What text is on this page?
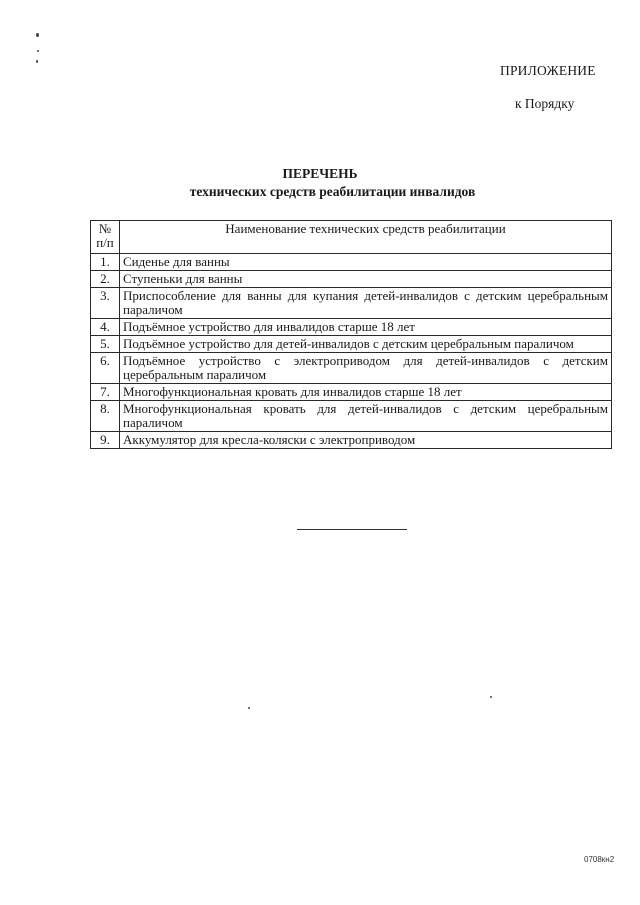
ПРИЛОЖЕНИЕ
к Порядку
ПЕРЕЧЕНЬ
технических средств реабилитации инвалидов
№ п/п	Наименование технических средств реабилитации
1.	Сиденье для ванны
2.	Ступеньки для ванны
3.	Приспособление для ванны для купания детей-инвалидов с детским церебральным параличом
4.	Подъёмное устройство для инвалидов старше 18 лет
5.	Подъёмное устройство для детей-инвалидов с детским церебральным параличом
6.	Подъёмное устройство с электроприводом для детей-инвалидов с детским церебральным параличом
7.	Многофункциональная кровать для инвалидов старше 18 лет
8.	Многофункциональная кровать для детей-инвалидов с детским церебральным параличом
9.	Аккумулятор для кресла-коляски с электроприводом
0708кн2
